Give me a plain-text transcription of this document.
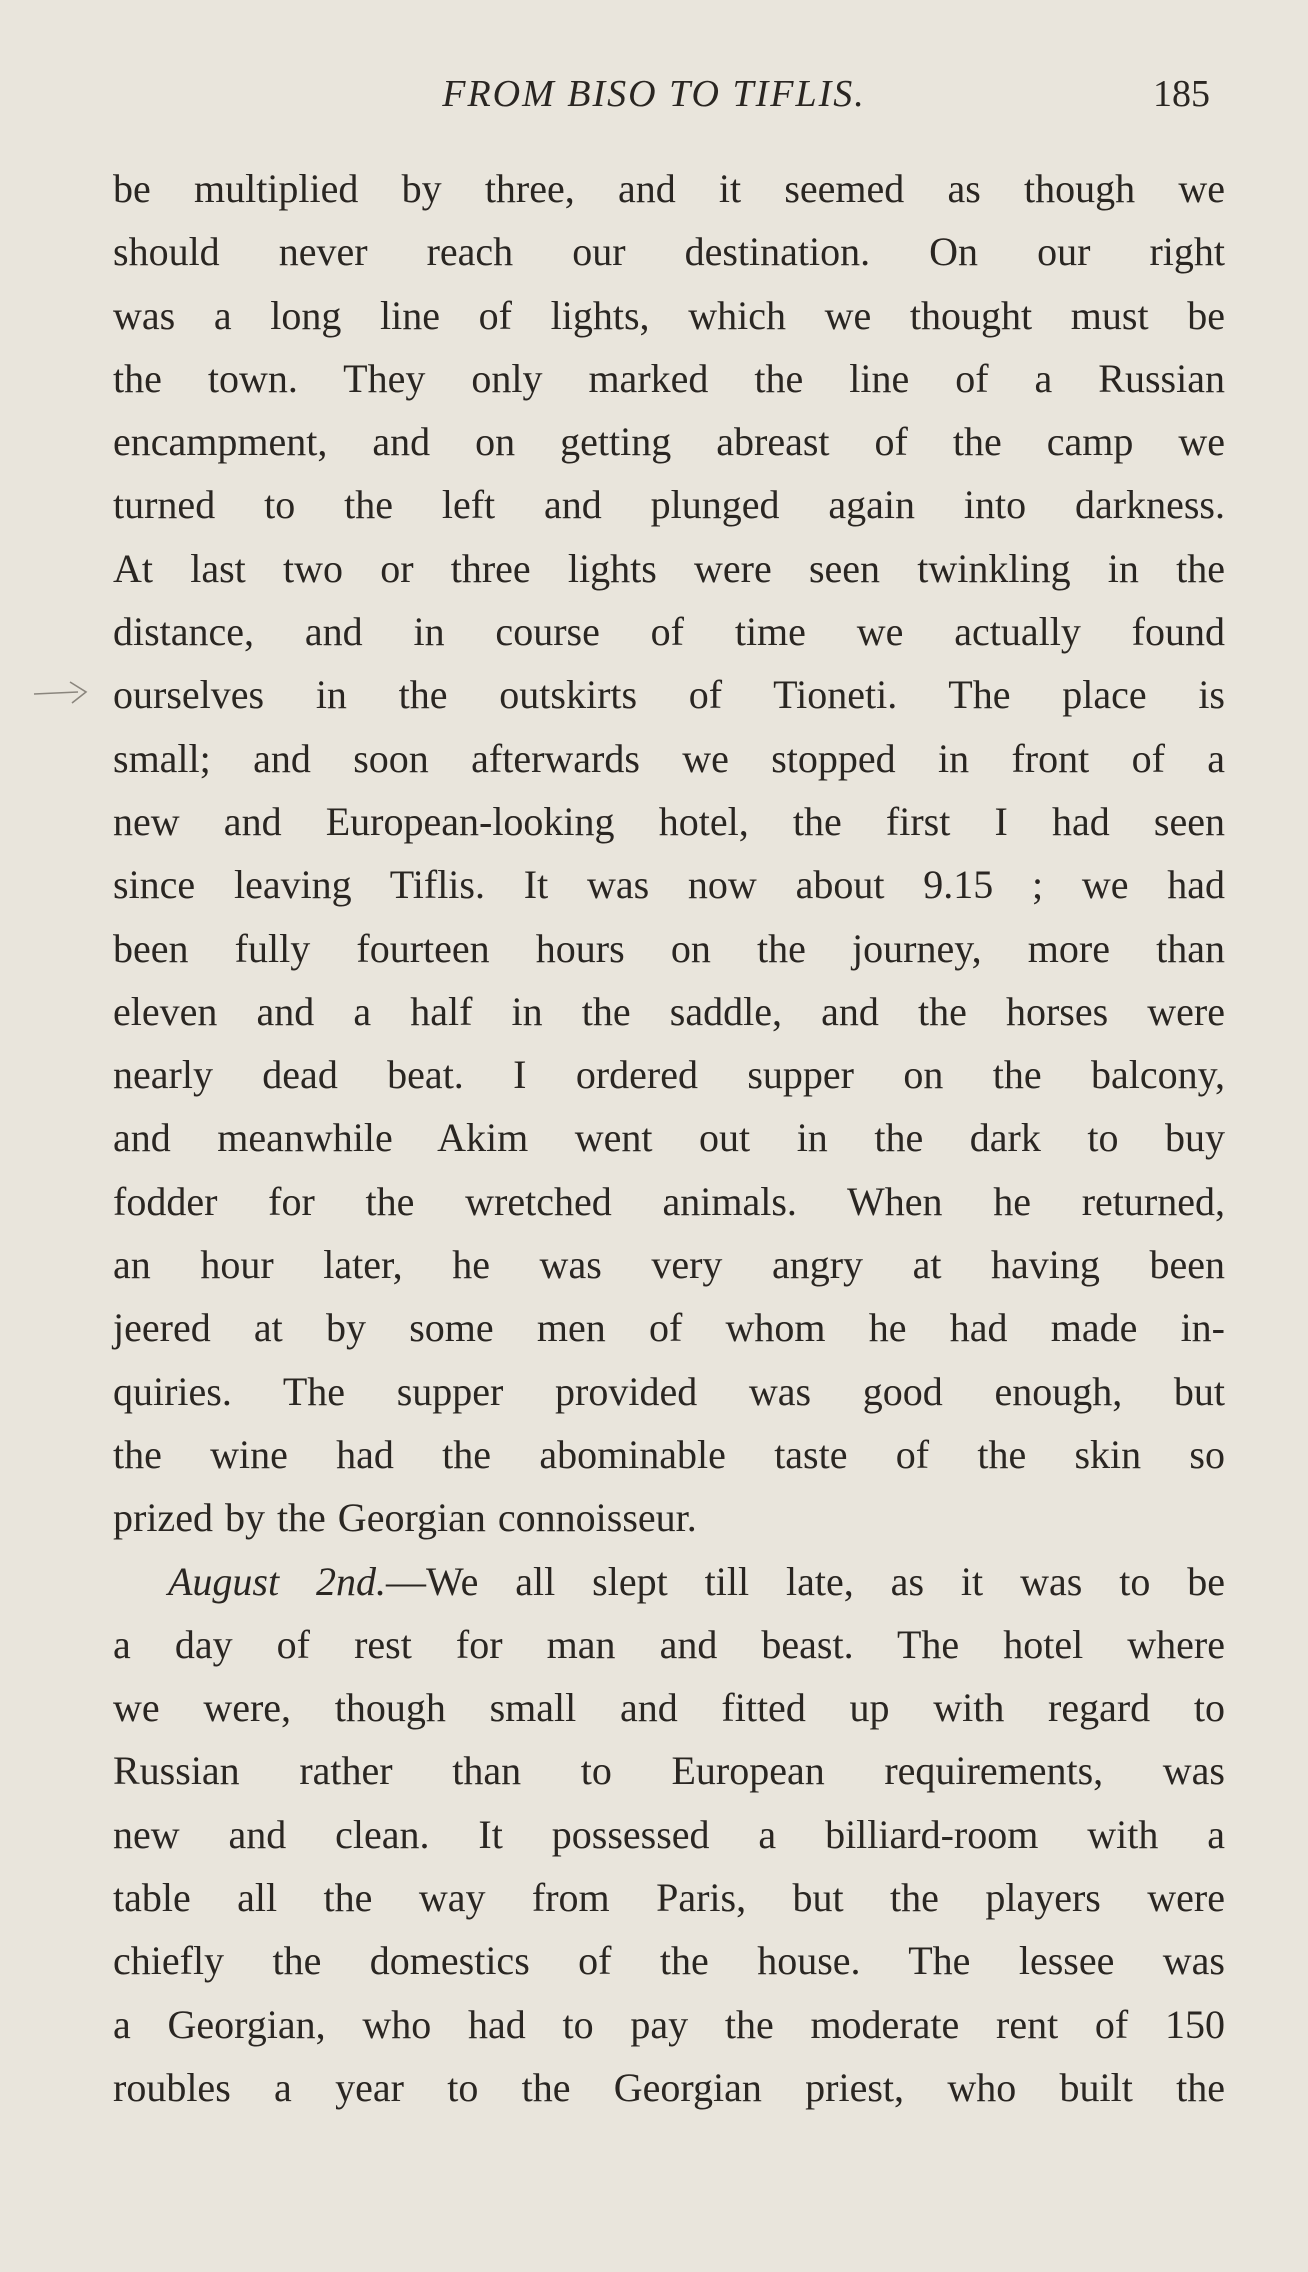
FROM BISO TO TIFLIS.	185
be multiplied by three, and it seemed as though we
should never reach our destination. On our right
was a long line of lights, which we thought must be
the town. They only marked the line of a Russian
encampment, and on getting abreast of the camp we
turned to the left and plunged again into darkness.
At last two or three lights were seen twinkling in the
distance, and in course of time we actually found
ourselves in the outskirts of Tioneti. The place is
small; and soon afterwards we stopped in front of a
new and European-looking hotel, the first I had seen
since leaving Tiflis. It was now about 9.15 ; we had
been fully fourteen hours on the journey, more than
eleven and a half in the saddle, and the horses were
nearly dead beat. I ordered supper on the balcony,
and meanwhile Akim went out in the dark to buy
fodder for the wretched animals. When he returned,
an hour later, he was very angry at having been
jeered at by some men of whom he had made in-
quiries. The supper provided was good enough, but
the wine had the abominable taste of the skin so
prized by the Georgian connoisseur.
August 2nd.—We all slept till late, as it was to be
a day of rest for man and beast. The hotel where
we were, though small and fitted up with regard to
Russian rather than to European requirements, was
new and clean. It possessed a billiard-room with a
table all the way from Paris, but the players were
chiefly the domestics of the house. The lessee was
a Georgian, who had to pay the moderate rent of 150
roubles a year to the Georgian priest, who built the
